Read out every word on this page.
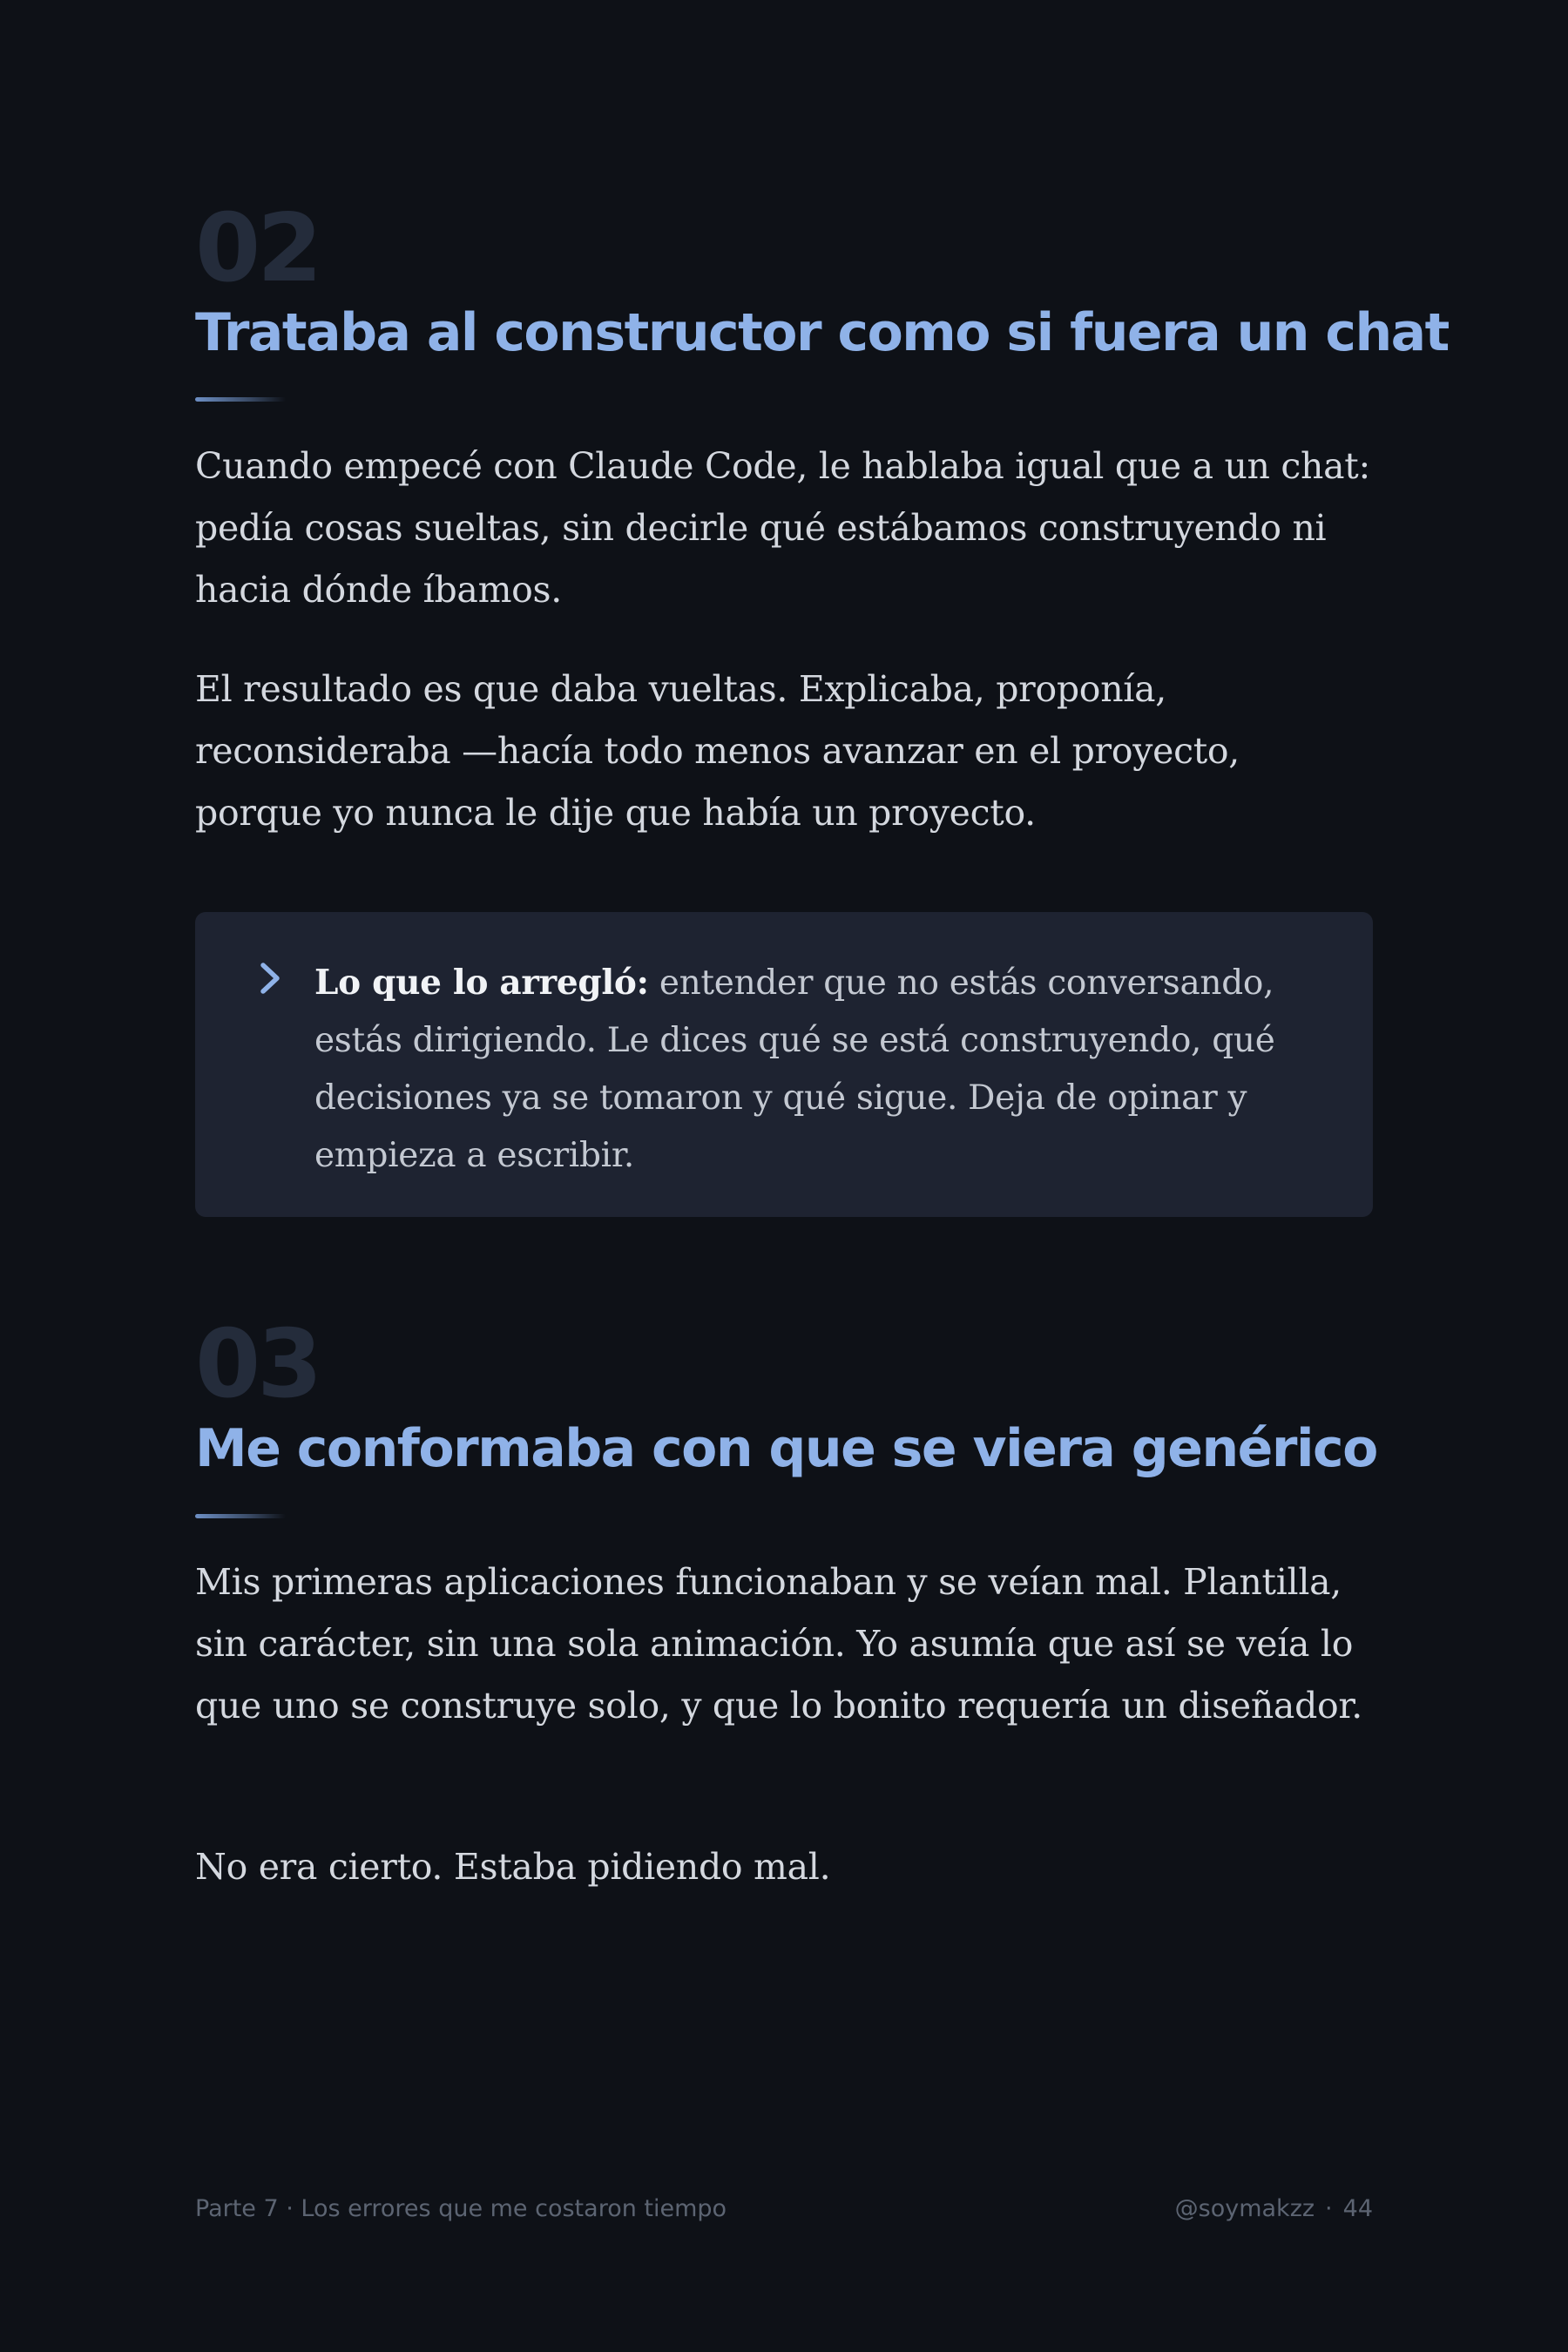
02
Trataba al constructor como si fuera un chat

Cuando empecé con Claude Code, le hablaba igual que a un chat: pedía cosas sueltas, sin decirle qué estábamos construyendo ni hacia dónde íbamos.

El resultado es que daba vueltas. Explicaba, proponía, reconsideraba —hacía todo menos avanzar en el proyecto, porque yo nunca le dije que había un proyecto.

Lo que lo arregló: entender que no estás conversando, estás dirigiendo. Le dices qué se está construyendo, qué decisiones ya se tomaron y qué sigue. Deja de opinar y empieza a escribir.

03
Me conformaba con que se viera genérico

Mis primeras aplicaciones funcionaban y se veían mal. Plantilla, sin carácter, sin una sola animación. Yo asumía que así se veía lo que uno se construye solo, y que lo bonito requería un diseñador.

No era cierto. Estaba pidiendo mal.

Parte 7 · Los errores que me costaron tiempo	@soymakzz · 44
